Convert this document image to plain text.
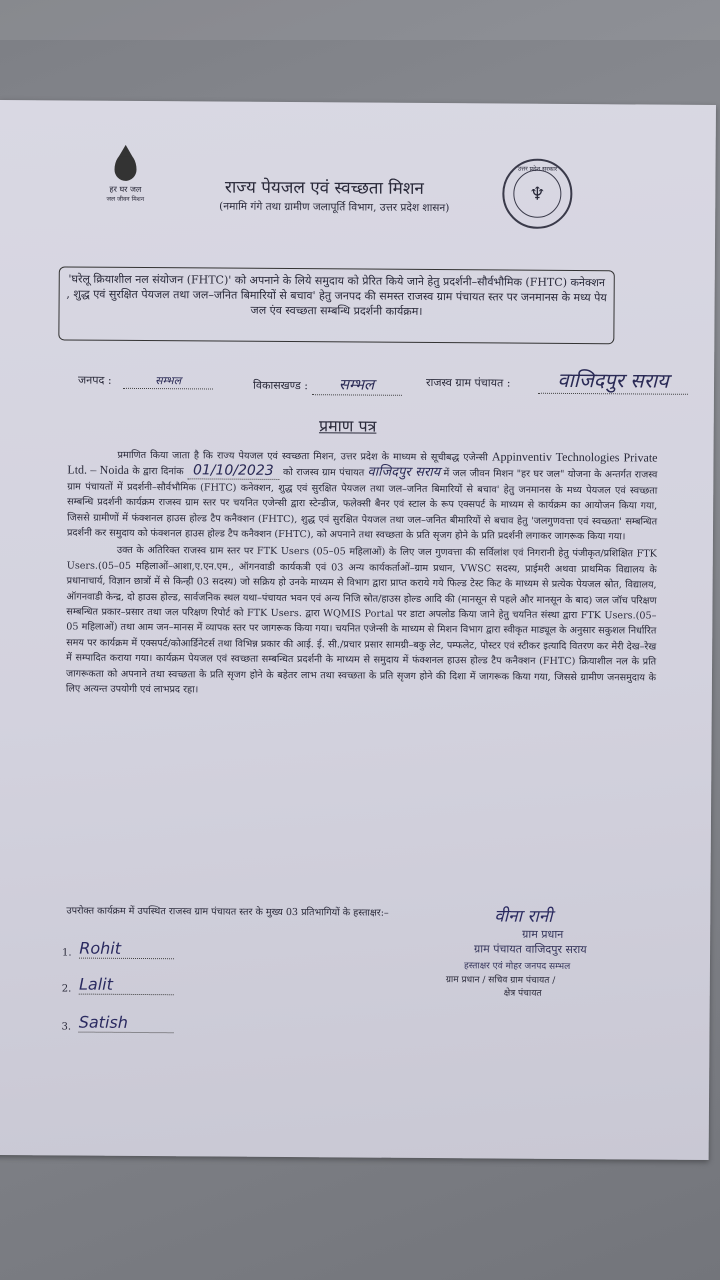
हर घर जल
जल जीवन मिशन
राज्य पेयजल एवं स्वच्छता मिशन
(नमामि गंगे तथा ग्रामीण जलापूर्ति विभाग, उत्तर प्रदेश शासन)
उत्तर प्रदेश सरकार
♆
'घरेलू क्रियाशील नल संयोजन (FHTC)' को अपनाने के लिये समुदाय को प्रेरित किये जाने हेतु प्रदर्शनी–सौर्वभौमिक (FHTC) कनेक्शन , शुद्ध एवं सुरक्षित पेयजल तथा जल–जनित बिमारियों से बचाव' हेतु जनपद की समस्त राजस्व ग्राम पंचायत स्तर पर जनमानस के मध्य पेय जल एंव स्वच्छता सम्बन्धि प्रदर्शनी कार्यक्रम।
जनपद :	सम्भल	विकासखण्ड : सम्भल	राजस्व ग्राम पंचायत :	वाजिदपुर सराय
प्रमाण पत्र

प्रमाणित किया जाता है कि राज्य पेयजल एवं स्वच्छता मिशन, उत्तर प्रदेश के माध्यम से सूचीबद्ध एजेन्सी Appinventiv Technologies Private Ltd. – Noida के द्वारा दिनांक 01/10/2023 को राजस्व ग्राम पंचायत वाजिदपुर सराय में जल जीवन मिशन "हर घर जल" योजना के अन्तर्गत राजस्व ग्राम पंचायतों में प्रदर्शनी–सौर्वभौमिक (FHTC) कनेक्शन, शुद्ध एवं सुरक्षित पेयजल तथा जल–जनित बिमारियों से बचाव' हेतु जनमानस के मध्य पेयजल एवं स्वच्छता सम्बन्धि प्रदर्शनी कार्यक्रम राजस्व ग्राम स्तर पर चयनित एजेन्सी द्वारा स्टेन्डीज, फलेक्सी बैनर एवं स्टाल के रूप एक्सपर्ट के माध्यम से कार्यक्रम का आयोजन किया गया, जिससे ग्रामीणों में फंक्शनल हाउस होल्ड टैप कनैक्शन (FHTC), शुद्ध एवं सुरक्षित पेयजल तथा जल–जनित बीमारियों से बचाव हेतु 'जलगुणवत्ता एवं स्वच्छता' सम्बन्धित प्रदर्शनी कर समुदाय को फंक्शनल हाउस होल्ड टैप कनैक्शन (FHTC), को अपनाने तथा स्वच्छता के प्रति सृजग होने के प्रति प्रदर्शनी लगाकर जागरूक किया गया।

उक्त के अतिरिक्त राजस्व ग्राम स्तर पर FTK Users (05–05 महिलाओं) के लिए जल गुणवत्ता की सर्विलांश एवं निगरानी हेतु पंजीकृत/प्रशिक्षित FTK Users.(05–05 महिलाओं–आशा,ए.एन.एम., ऑगनवाडी कार्यकत्री एवं 03 अन्य कार्यकर्ताओं–ग्राम प्रधान, VWSC सदस्य, प्राईमरी अथवा प्राथमिक विद्यालय के प्रधानाचार्य, विज्ञान छात्रों में से किन्ही 03 सदस्य) जो सक्रिय हो उनके माध्यम से विभाग द्वारा प्राप्त कराये गये फिल्ड टेस्ट किट के माध्यम से प्रत्येक पेयजल स्रोत, विद्यालय, ऑगनवाडी केन्द्र, दो हाउस होल्ड, सार्वजनिक स्थल यथा–पंचायत भवन एवं अन्य निजि स्रोत/हाउस होल्ड आदि की (मानसून से पहले और मानसून के बाद) जल जॉच परिक्षण सम्बन्धित प्रकार–प्रसार तथा जल परिक्षण रिपोर्ट को FTK Users. द्वारा WQMIS Portal पर डाटा अपलोड किया जाने हेतु चयनित संस्था द्वारा FTK Users.(05–05 महिलाओं) तथा आम जन–मानस में व्यापक स्तर पर जागरूक किया गया। चयनित एजेन्सी के माध्यम से मिशन विभाग द्वारा स्वीकृत माड्यूल के अनुसार सकुशल निर्धारित समय पर कार्यक्रम में एक्सपर्ट/कोआर्डिनेटर्स तथा विभिन्न प्रकार की आई. ई. सी./प्रचार प्रसार सामग्री–बकु लेट, पम्फलेट, पोस्टर एवं स्टीकर इत्यादि वितरण कर मेरी देख–रेख में सम्पादित कराया गया। कार्यक्रम पेयजल एवं स्वच्छता सम्बन्धित प्रदर्शनी के माध्यम से समुदाय में फंक्शनल हाउस होल्ड टैप कनैक्शन (FHTC) क्रियाशील नल के प्रति जागरूकता को अपनाने तथा स्वच्छता के प्रति सृजग होने के बहेतर लाभ तथा स्वच्छता के प्रति सृजग होने की दिशा में जागरूक किया गया, जिससे ग्रामीण जनसमुदाय के लिए अत्यन्त उपयोगी एवं लाभप्रद रहा।

उपरोक्त कार्यक्रम में उपस्थित राजस्व ग्राम पंचायत स्तर के मुख्य 03 प्रतिभागियों के हस्ताक्षर:–
1. Rohit
2. Lalit
3. Satish
वीना रानी
ग्राम प्रधान
ग्राम पंचायत वाजिदपुर सराय
हस्ताक्षर एवं मोहर जनपद सम्भल
ग्राम प्रधान / सचिव ग्राम पंचायत /
क्षेत्र पंचायत
